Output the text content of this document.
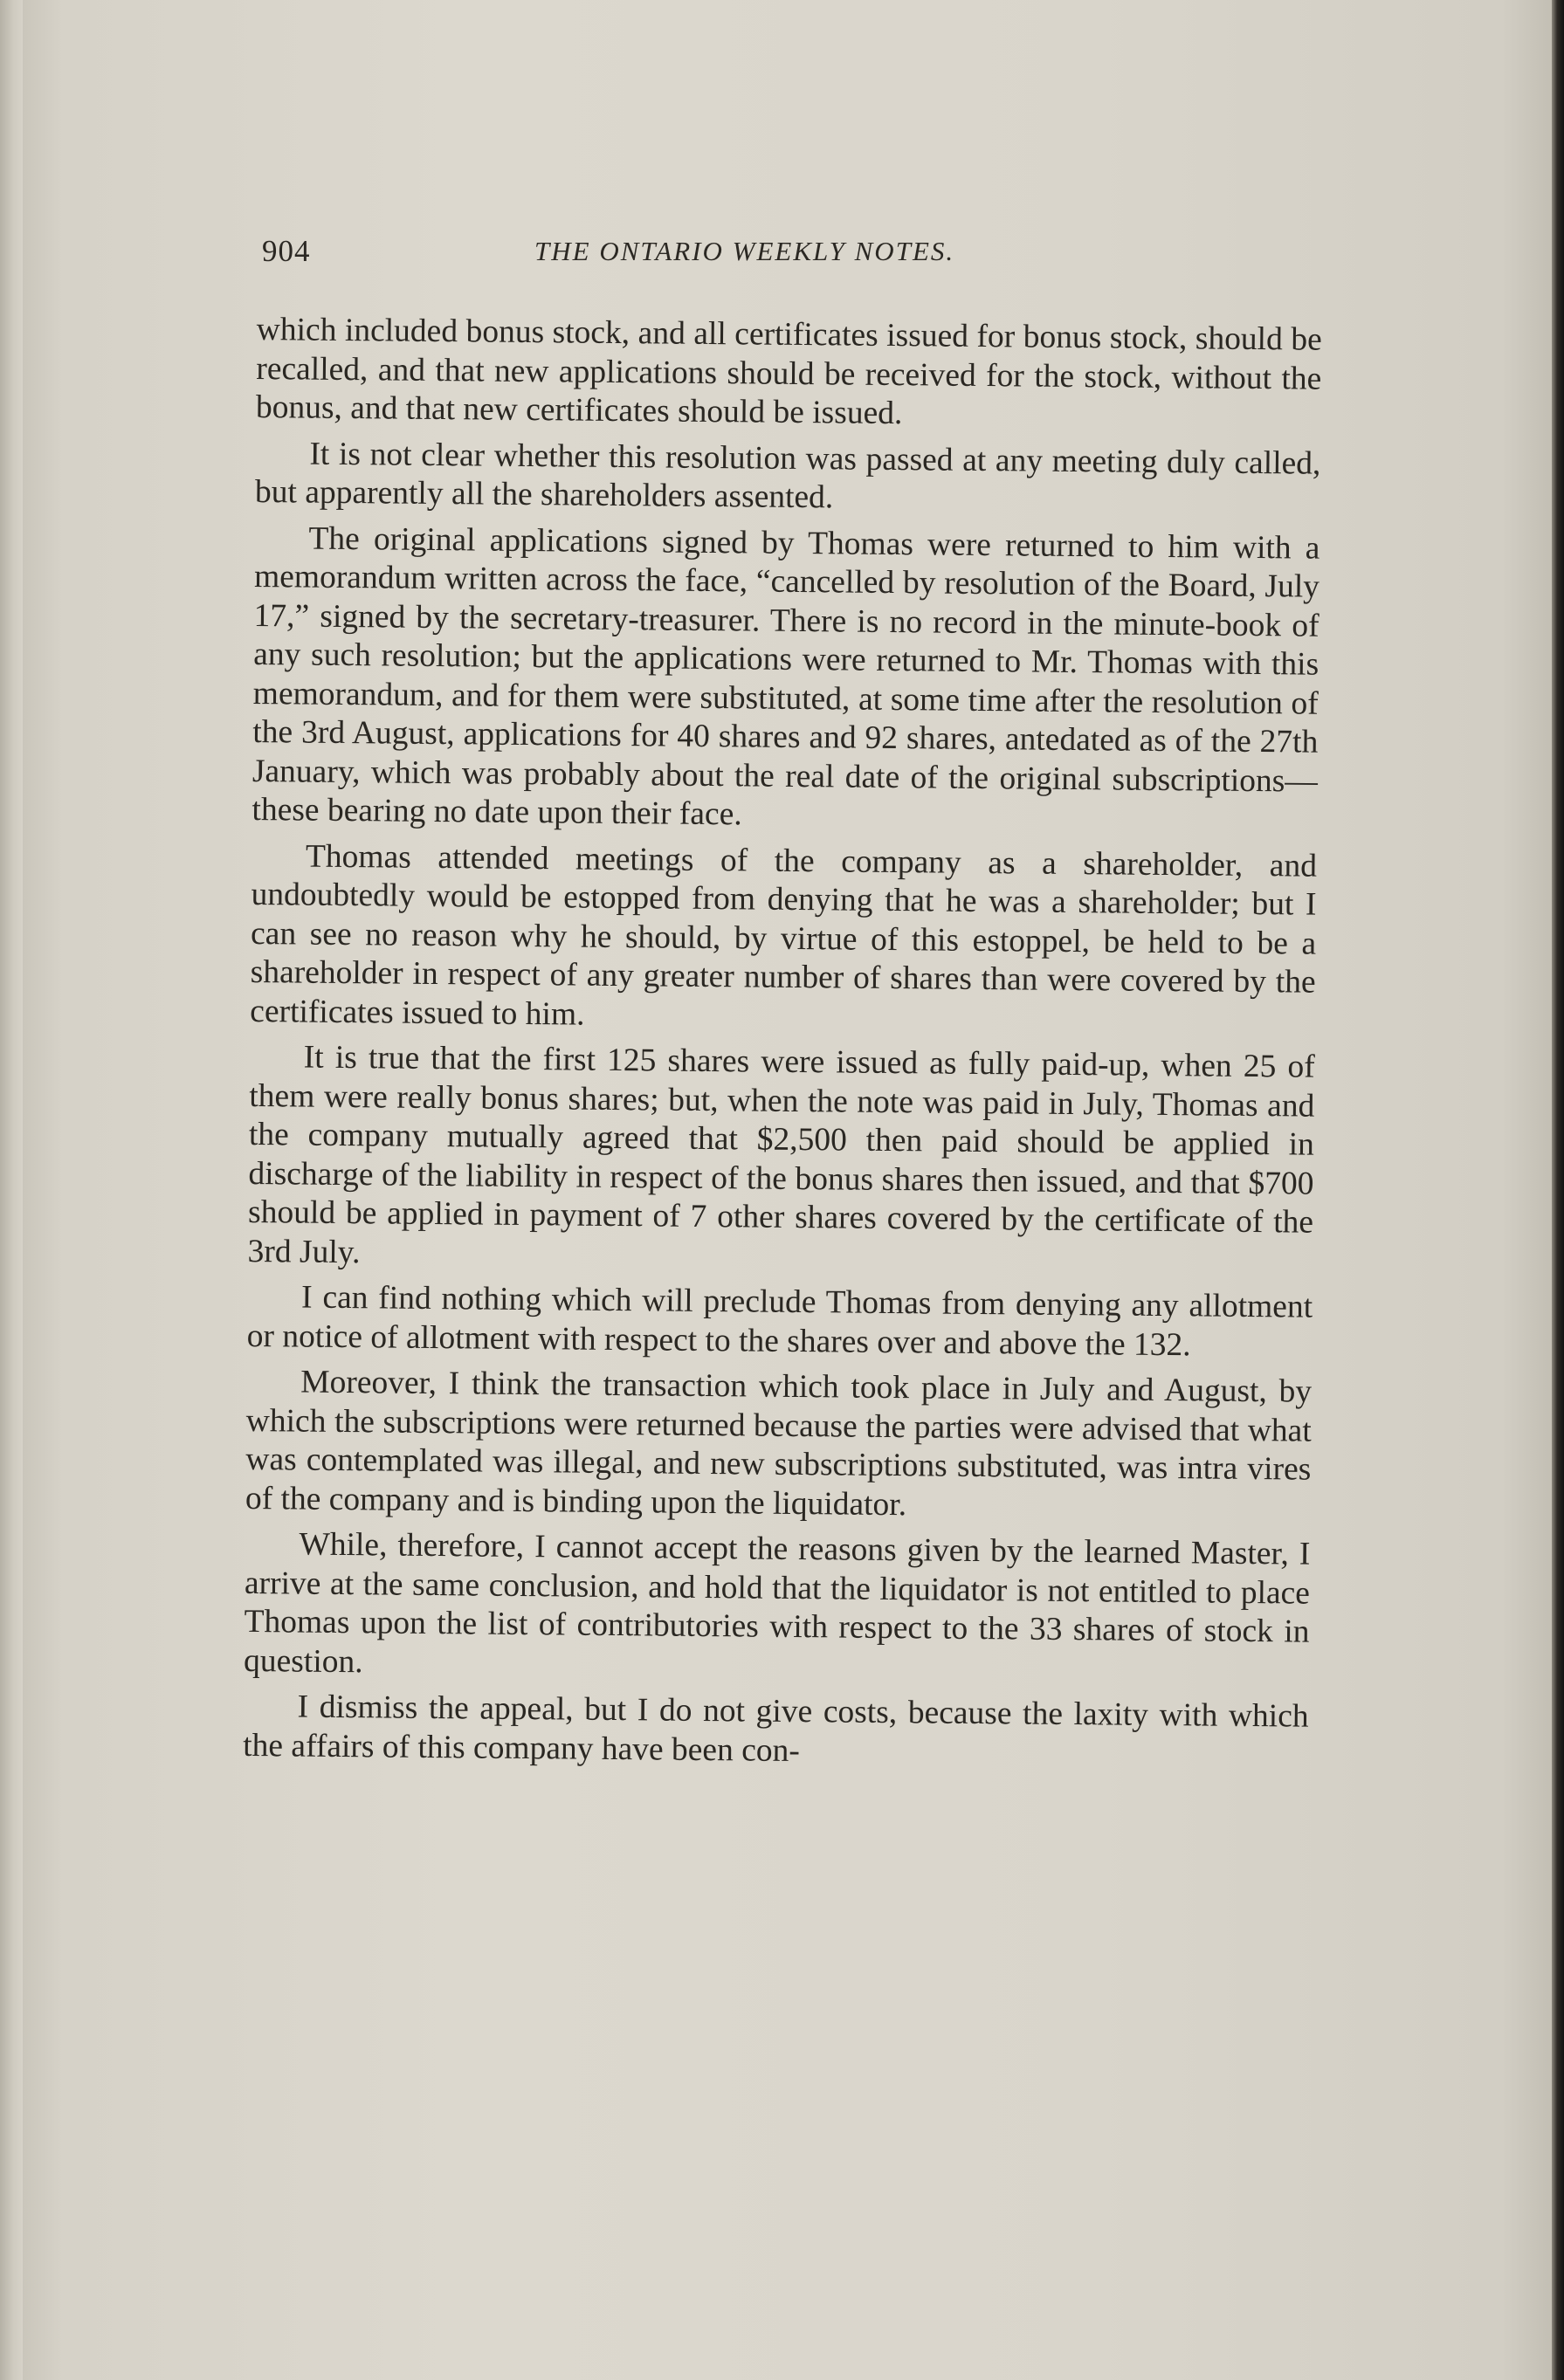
904	THE ONTARIO WEEKLY NOTES.

which included bonus stock, and all certificates issued for bonus stock, should be recalled, and that new applications should be received for the stock, without the bonus, and that new certificates should be issued.

It is not clear whether this resolution was passed at any meeting duly called, but apparently all the shareholders assented.

The original applications signed by Thomas were returned to him with a memorandum written across the face, “cancelled by resolution of the Board, July 17,” signed by the secretary-treasurer. There is no record in the minute-book of any such resolution; but the applications were returned to Mr. Thomas with this memorandum, and for them were substituted, at some time after the resolution of the 3rd August, applications for 40 shares and 92 shares, antedated as of the 27th January, which was probably about the real date of the original subscriptions—these bearing no date upon their face.

Thomas attended meetings of the company as a shareholder, and undoubtedly would be estopped from denying that he was a shareholder; but I can see no reason why he should, by virtue of this estoppel, be held to be a shareholder in respect of any greater number of shares than were covered by the certificates issued to him.

It is true that the first 125 shares were issued as fully paid-up, when 25 of them were really bonus shares; but, when the note was paid in July, Thomas and the company mutually agreed that $2,500 then paid should be applied in discharge of the liability in respect of the bonus shares then issued, and that $700 should be applied in payment of 7 other shares covered by the certificate of the 3rd July.

I can find nothing which will preclude Thomas from denying any allotment or notice of allotment with respect to the shares over and above the 132.

Moreover, I think the transaction which took place in July and August, by which the subscriptions were returned because the parties were advised that what was contemplated was illegal, and new subscriptions substituted, was intra vires of the company and is binding upon the liquidator.

While, therefore, I cannot accept the reasons given by the learned Master, I arrive at the same conclusion, and hold that the liquidator is not entitled to place Thomas upon the list of contributories with respect to the 33 shares of stock in question.

I dismiss the appeal, but I do not give costs, because the laxity with which the affairs of this company have been con-
